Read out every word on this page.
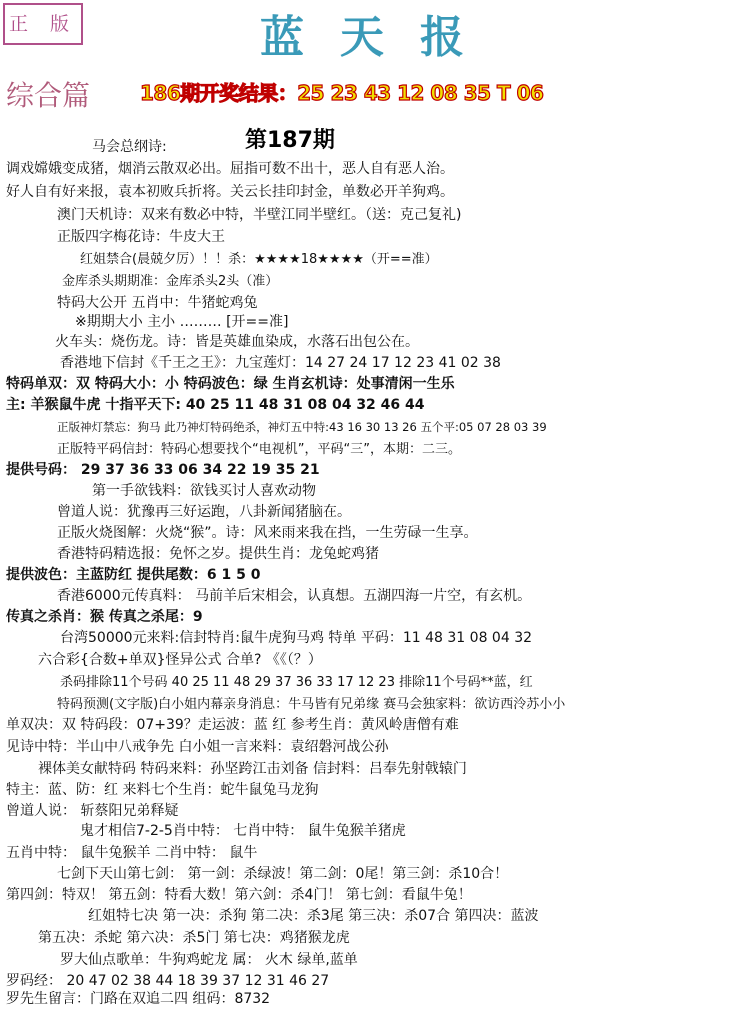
正 版	蓝天报
综合篇 186期开奖结果：25 23 43 12 08 35 T 06
第187期
马会总纲诗:
调戏嫦娥变成猪，烟消云散双必出。屈指可数不出十，恶人自有恶人治。
好人自有好来报，袁本初败兵折将。关云长挂印封金，单数必开羊狗鸡。
澳门天机诗：双来有数必中特，半壁江同半壁红。（送：克己复礼)
正版四字梅花诗：牛皮大王
红姐禁合(晨兢夕厉）！！杀：★★★★18★★★★（开==准）
金库杀头期期准：金库杀头2头（准）
特码大公开 五肖中：牛猪蛇鸡兔
※期期大小 主小 ……… [开==准]
火车头：烧伤龙。诗：皆是英雄血染成，水落石出包公在。
香港地下信封《千王之王》：九宝莲灯：14 27 24 17 12 23 41 02 38
特码单双：双 特码大小：小 特码波色：绿 生肖玄机诗：处事清闲一生乐
主: 羊猴鼠牛虎 十指平天下: 40 25 11 48 31 08 04 32 46 44
正版神灯禁忘：狗马 此乃神灯特码绝杀，神灯五中特:43 16 30 13 26 五个平:05 07 28 03 39
正版特平码信封：特码心想要找个“电视机”，平码“三”，本期：二三。
提供号码： 29 37 36 33 06 34 22 19 35 21
第一手欲钱料：欲钱买讨人喜欢动物
曾道人说：犹豫再三好运跑，八卦新闻猪脑在。
正版火烧图解：火烧“猴”。诗：风来雨来我在挡，一生劳碌一生享。
香港特码精选报：免怀之岁。提供生肖：龙兔蛇鸡猪
提供波色：主蓝防红 提供尾数：6 1 5 0
香港6000元传真料： 马前羊后宋相会，认真想。五湖四海一片空，有玄机。
传真之杀肖：猴 传真之杀尾：9
台湾50000元来料:信封特肖:鼠牛虎狗马鸡 特单 平码：11 48 31 08 04 32
六合彩{合数+单双}怪异公式 合单? 《《（？）
杀码排除11个号码 40 25 11 48 29 37 36 33 17 12 23 排除11个号码**蓝，红
特码预测(文字版)白小姐内幕亲身消息：牛马皆有兄弟缘 赛马会独家料：欲访西泠苏小小
单双决：双 特码段：07+39？走运波：蓝 红 参考生肖：黄风岭唐僧有难
见诗中特：半山中八戒争先 白小姐一言来料：袁绍磐河战公孙
裸体美女献特码 特码来料：孙坚跨江击刘备 信封料：吕奉先射戟辕门
特主：蓝、防：红 来料七个生肖：蛇牛鼠兔马龙狗
曾道人说： 斩蔡阳兄弟释疑
鬼才相信7-2-5肖中特： 七肖中特： 鼠牛兔猴羊猪虎
五肖中特： 鼠牛兔猴羊 二肖中特： 鼠牛
七剑下天山第七剑： 第一剑：杀绿波！第二剑：0尾！第三剑：杀10合！
第四剑：特双！ 第五剑：特看大数！第六剑：杀4门！ 第七剑：看鼠牛兔！
红姐特七决 第一决：杀狗 第二决：杀3尾 第三决：杀07合 第四决：蓝波
第五决：杀蛇 第六决：杀5门 第七决：鸡猪猴龙虎
罗大仙点歌单：牛狗鸡蛇龙 属： 火木 绿单,蓝单
罗码经： 20 47 02 38 44 18 39 37 12 31 46 27
罗先生留言：门路在双追二四 组码：8732
